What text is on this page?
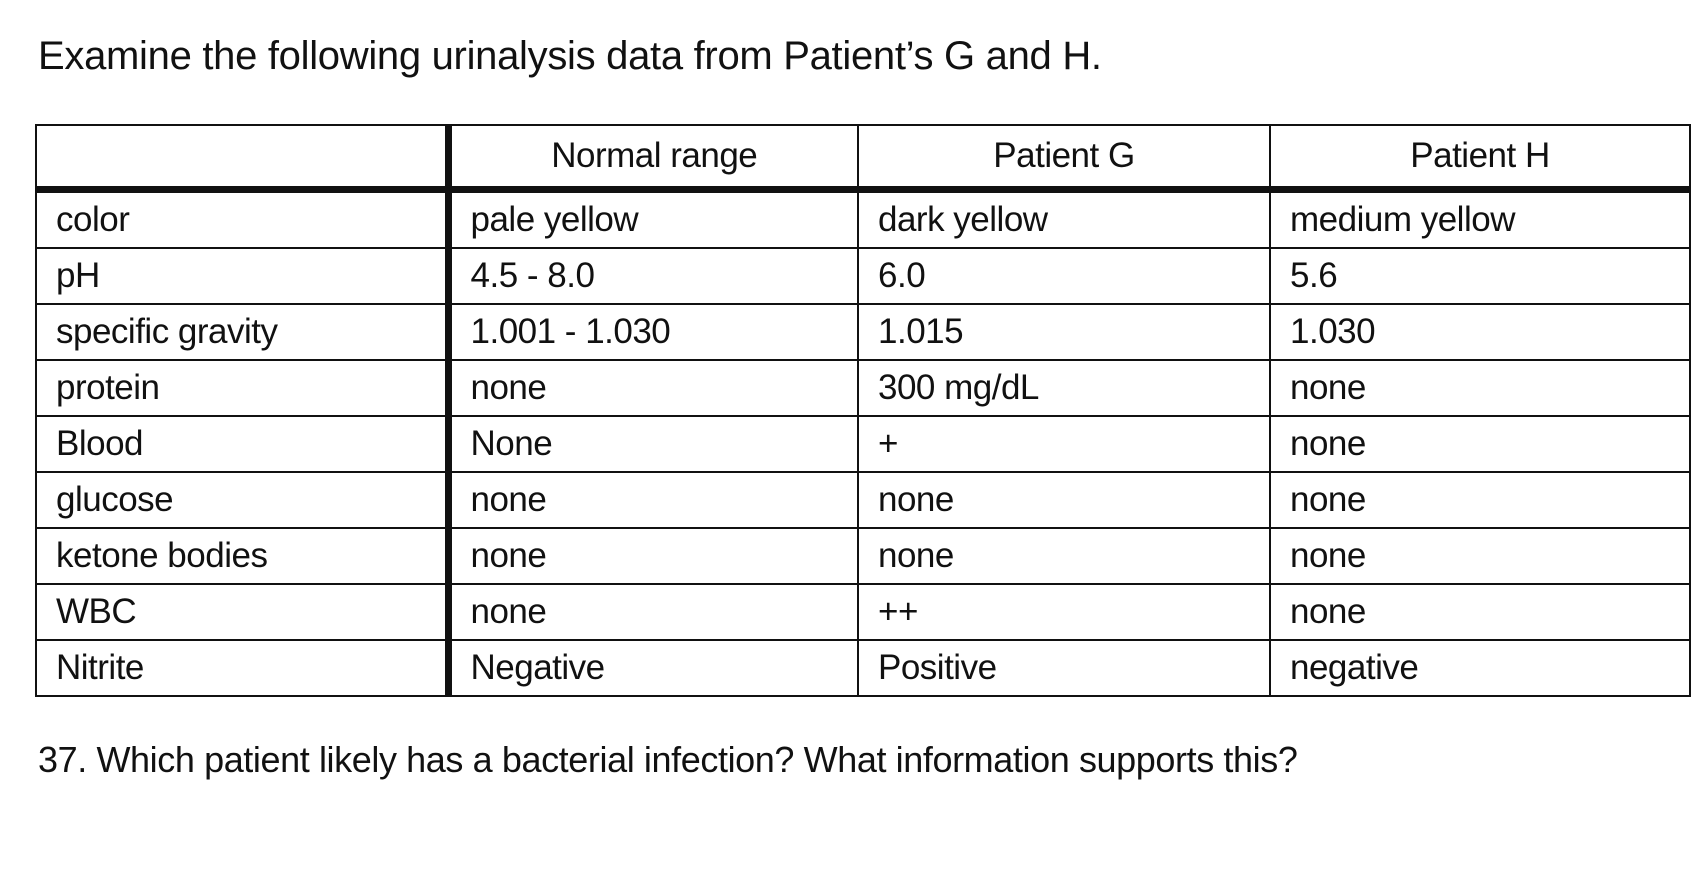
Examine the following urinalysis data from Patient’s G and H.

	Normal range	Patient G	Patient H
color	pale yellow	dark yellow	medium yellow
pH	4.5 - 8.0	6.0	5.6
specific gravity	1.001 - 1.030	1.015	1.030
protein	none	300 mg/dL	none
Blood	None	+	none
glucose	none	none	none
ketone bodies	none	none	none
WBC	none	++	none
Nitrite	Negative	Positive	negative

37. Which patient likely has a bacterial infection? What information supports this?
